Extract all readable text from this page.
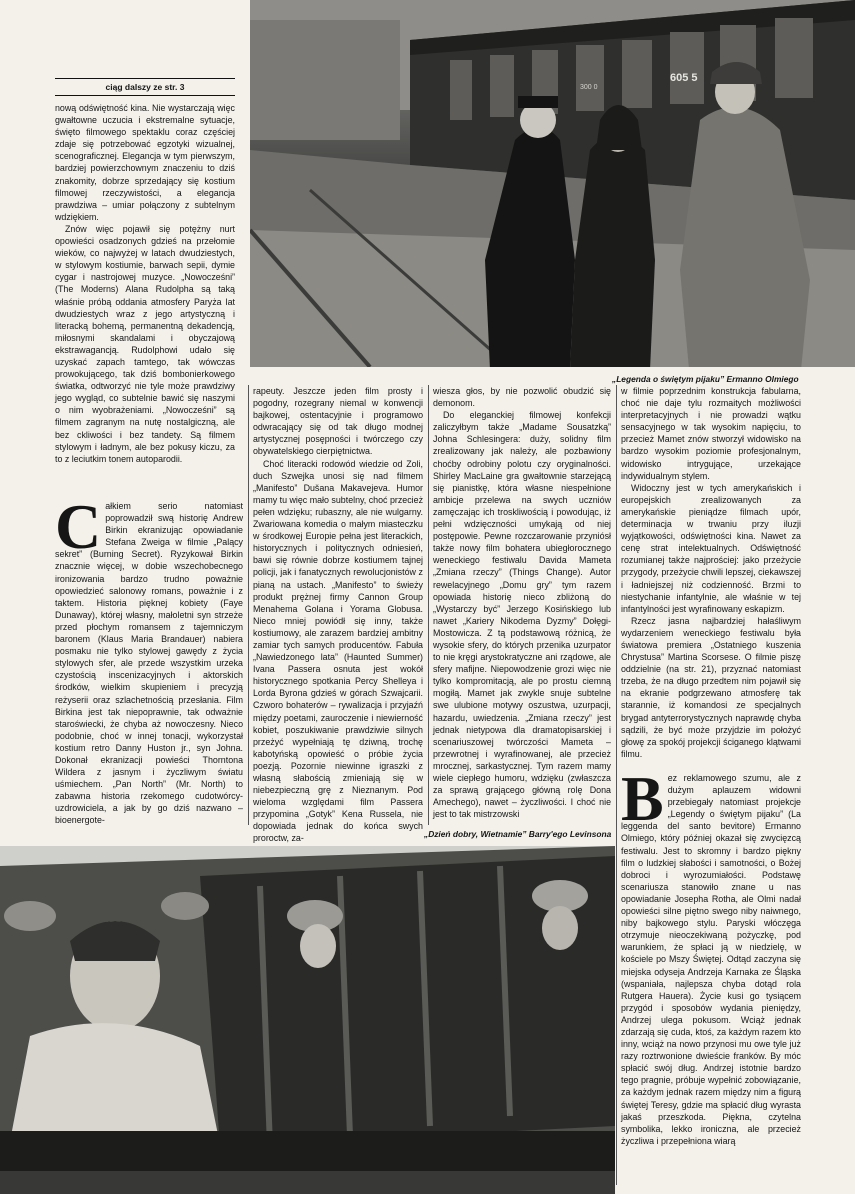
605 5
300 0
„Legenda o świętym pijaku” Ermanno Olmiego
„Dzień dobry, Wietnamie” Barry'ego Levinsona
ciąg dalszy ze str. 3

nową odświętność kina. Nie wystarczają więc gwałtowne uczucia i ekstremalne sytuacje, święto filmowego spektaklu coraz częściej zdaje się potrzebować egzotyki wizualnej, scenograficznej. Elegancja w tym pierwszym, bardziej powierzchownym znaczeniu to dziś znakomity, dobrze sprzedający się kostium filmowej rzeczywistości, a elegancja prawdziwa – umiar połączony z subtelnym wdziękiem.

Znów więc pojawił się potężny nurt opowieści osadzonych gdzieś na przełomie wieków, co najwyżej w latach dwudziestych, w stylowym kostiumie, barwach sepii, dymie cygar i nastrojowej muzyce. „Nowocześni” (The Moderns) Alana Rudolpha są taką właśnie próbą oddania atmosfery Paryża lat dwudziestych wraz z jego artystyczną i literacką bohemą, permanentną dekadencją, miłosnymi skandalami i obyczajową ekstrawagancją. Rudolphowi udało się uzyskać zapach tamtego, tak wówczas prowokującego, tak dziś bombonierkowego światka, odtworzyć nie tyle może prawdziwy jego wygląd, co subtelnie bawić się naszymi o nim wyobrażeniami. „Nowocześni” są filmem zagranym na nutę nostalgiczną, ale bez ckliwości i bez tandety. Są filmem stylowym i ładnym, ale bez pokusy kiczu, za to z leciutkim tonem autoparodii.

Całkiem serio natomiast poprowadził swą historię Andrew Birkin ekranizując opowiadanie Stefana Zweiga w filmie „Palący sekret” (Burning Secret). Ryzykował Birkin znacznie więcej, w dobie wszechobecnego ironizowania bardzo trudno poważnie opowiedzieć salonowy romans, poważnie i z taktem. Historia pięknej kobiety (Faye Dunaway), której własny, małoletni syn strzeże przed płochym romansem z tajemniczym baronem (Klaus Maria Brandauer) nabiera posmaku nie tylko stylowej gawędy z życia stylowych sfer, ale przede wszystkim urzeka czystością inscenizacyjnych i aktorskich środków, wielkim skupieniem i precyzją reżyserii oraz szlachetnością przesłania. Film Birkina jest tak niepoprawnie, tak odważnie staroświecki, że chyba aż nowoczesny. Nieco podobnie, choć w innej tonacji, wykorzystał kostium retro Danny Huston jr., syn Johna. Dokonał ekranizacji powieści Thorntona Wildera z jasnym i życzliwym światu uśmiechem. „Pan North” (Mr. North) to zabawna historia rzekomego cudotwórcy-uzdrowiciela, a jak by go dziś nazwano – bioenergote-

rapeuty. Jeszcze jeden film prosty i pogodny, rozegrany niemal w konwencji bajkowej, ostentacyjnie i programowo odwracający się od tak długo modnej artystycznej posępności i twórczego czy obywatelskiego cierpiętnictwa.

Choć literacki rodowód wiedzie od Zoli, duch Szwejka unosi się nad filmem „Manifesto” Dušana Makavejeva. Humor mamy tu więc mało subtelny, choć przecież pełen wdzięku; rubaszny, ale nie wulgarny. Zwariowana komedia o małym miasteczku w środkowej Europie pełna jest literackich, historycznych i politycznych odniesień, bawi się równie dobrze kostiumem tajnej policji, jak i fanatycznych rewolucjonistów z pianą na ustach. „Manifesto” to świeży produkt prężnej firmy Cannon Group Menahema Golana i Yorama Globusa. Nieco mniej powiódł się inny, także kostiumowy, ale zarazem bardziej ambitny zamiar tych samych producentów. Fabuła „Nawiedzonego lata” (Haunted Summer) Ivana Passera osnuta jest wokół historycznego spotkania Percy Shelleya i Lorda Byrona gdzieś w górach Szwajcarii. Czworo bohaterów – rywalizacja i przyjaźń między poetami, zauroczenie i niewierność kobiet, poszukiwanie prawdziwie silnych przeżyć wypełniają tę dziwną, trochę kabotyńską opowieść o próbie życia poezją. Pozornie niewinne igraszki z własną słabością zmieniają się w niebezpieczną grę z Nieznanym. Pod wieloma względami film Passera przypomina „Gotyk” Kena Russela, nie dopowiada jednak do końca swych proroctw, za-

wiesza głos, by nie pozwolić obudzić się demonom.

Do eleganckiej filmowej konfekcji zaliczyłbym także „Madame Sousatzką” Johna Schlesingera: duży, solidny film zrealizowany jak należy, ale pozbawiony choćby odrobiny polotu czy oryginalności. Shirley MacLaine gra gwałtownie starzejącą się pianistkę, która własne niespełnione ambicje przelewa na swych uczniów zamęczając ich troskliwością i powodując, iż pełni wdzięczności umykają od niej postępowie. Pewne rozczarowanie przyniósł także nowy film bohatera ubiegłorocznego weneckiego festiwalu Davida Mameta „Zmiana rzeczy” (Things Change). Autor rewelacyjnego „Domu gry” tym razem opowiada historię nieco zbliżoną do „Wystarczy być” Jerzego Kosińskiego lub nawet „Kariery Nikodema Dyzmy” Dołęgi-Mostowicza. Z tą podstawową różnicą, że wysokie sfery, do których przenika uzurpator to nie kręgi arystokratyczne ani rządowe, ale sfery mafijne. Niepowodzenie grozi więc nie tylko kompromitacją, ale po prostu ciemną mogiłą. Mamet jak zwykle snuje subtelne swe ulubione motywy oszustwa, uzurpacji, hazardu, uwiedzenia. „Zmiana rzeczy” jest jednak nietypowa dla dramatopisarskiej i scenariuszowej twórczości Mameta – przewrotnej i wyrafinowanej, ale przecież mrocznej, sarkastycznej. Tym razem mamy wiele ciepłego humoru, wdzięku (zwłaszcza za sprawą grającego główną rolę Dona Amechego), nawet – życzliwości. I choć nie jest to tak mistrzowski

w filmie poprzednim konstrukcja fabularna, choć nie daje tylu rozmaitych możliwości interpretacyjnych i nie prowadzi wątku sensacyjnego w tak wysokim napięciu, to przecież Mamet znów stworzył widowisko na bardzo wysokim poziomie profesjonalnym, widowisko intrygujące, urzekające indywidualnym stylem.

Widoczny jest w tych amerykańskich i europejskich zrealizowanych za amerykańskie pieniądze filmach upór, determinacja w trwaniu przy iluzji wyjątkowości, odświętności kina. Nawet za cenę strat intelektualnych. Odświętność rozumianej także najprościej: jako przeżycie przygody, przeżycie chwili lepszej, ciekawszej i ładniejszej niż codzienność. Brzmi to niestychanie infantylnie, ale właśnie w tej infantylności jest wyrafinowany eskapizm.

Rzecz jasna najbardziej hałaśliwym wydarzeniem weneckiego festiwalu była światowa premiera „Ostatniego kuszenia Chrystusa” Martina Scorsese. O filmie piszę oddzielnie (na str. 21), przyznać natomiast trzeba, że na długo przedtem nim pojawił się na ekranie podgrzewano atmosferę tak starannie, iż komandosi ze specjalnych brygad antyterrorystycznych naprawdę chyba sądzili, że być może przyjdzie im położyć głowę za spokój projekcji ściganego klątwami filmu.

Bez reklamowego szumu, ale z dużym aplauzem widowni przebiegały natomiast projekcje „Legendy o świętym pijaku” (La leggenda del santo bevitore) Ermanno Olmiego, który później okazał się zwycięzcą festiwalu. Jest to skromny i bardzo piękny film o ludzkiej słabości i samotności, o Bożej dobroci i wyrozumiałości. Podstawę scenariusza stanowiło znane u nas opowiadanie Josepha Rotha, ale Olmi nadał opowieści silne piętno swego niby naiwnego, niby bajkowego stylu. Paryski włóczęga otrzymuje nieoczekiwaną pożyczkę, pod warunkiem, że spłaci ją w niedzielę, w kościele po Mszy Świętej. Odtąd zaczyna się miejska odyseja Andrzeja Karnaka ze Śląska (wspaniała, najlepsza chyba dotąd rola Rutgera Hauera). Życie kusi go tysiącem przygód i sposobów wydania pieniędzy, Andrzej ulega pokusom. Wciąż jednak zdarzają się cuda, ktoś, za każdym razem kto inny, wciąż na nowo przynosi mu owe tyle już razy roztrwonione dwieście franków. By móc spłacić swój dług. Andrzej istotnie bardzo tego pragnie, próbuje wypełnić zobowiązanie, za każdym jednak razem między nim a figurą świętej Teresy, gdzie ma spłacić dług wyrasta jakaś przeszkoda. Piękna, czytelna symbolika, lekko ironiczna, ale przecież życzliwa i przepełniona wiarą
